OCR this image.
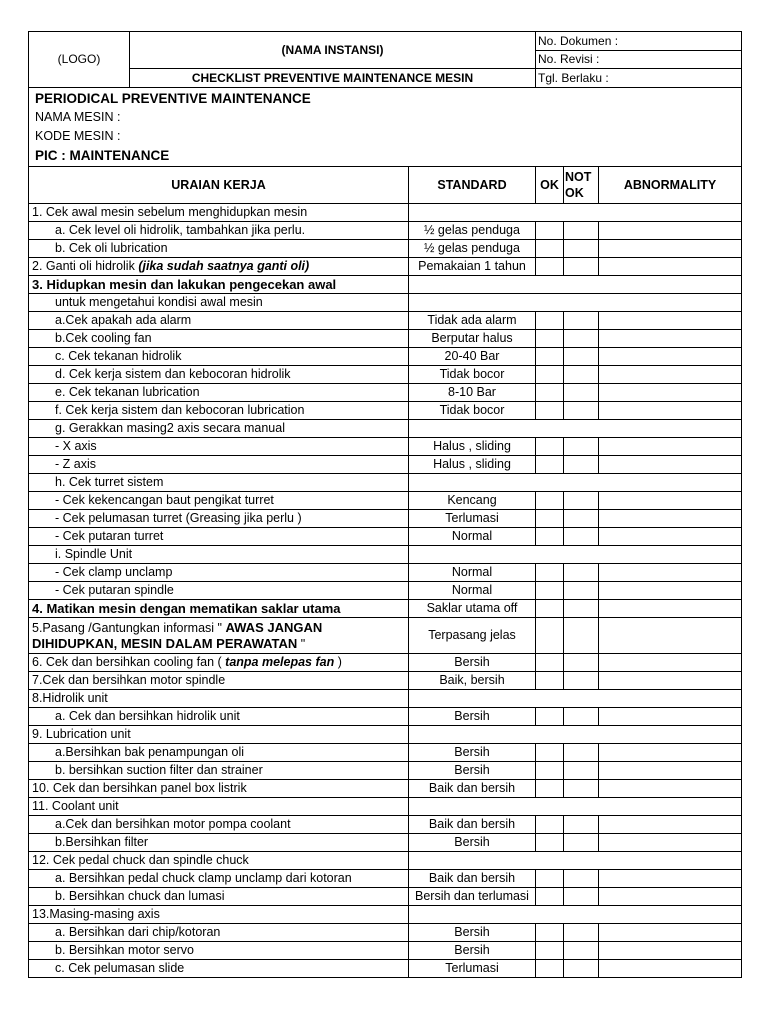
(LOGO)	(NAMA INSTANSI)	No. Dokumen :
		No. Revisi :
	CHECKLIST PREVENTIVE MAINTENANCE MESIN	Tgl. Berlaku :

PERIODICAL PREVENTIVE MAINTENANCE
NAMA MESIN :
KODE MESIN :
PIC : MAINTENANCE		
URAIAN KERJA	STANDARD	OK	NOT OK	ABNORMALITY
1. Cek awal mesin sebelum menghidupkan mesin				
a. Cek level oli hidrolik, tambahkan jika perlu.	½ gelas penduga			
b. Cek oli lubrication	½ gelas penduga			
2. Ganti oli hidrolik (jika sudah saatnya ganti oli)	Pemakaian 1 tahun			
3. Hidupkan mesin dan lakukan pengecekan awal				
untuk mengetahui kondisi awal mesin				
a.Cek apakah ada alarm	Tidak ada alarm			
b.Cek cooling fan	Berputar halus			
c. Cek tekanan hidrolik	20-40 Bar			
d. Cek kerja sistem dan kebocoran hidrolik	Tidak bocor			
e. Cek tekanan lubrication	8-10 Bar			
f. Cek kerja sistem dan kebocoran lubrication	Tidak bocor			
g. Gerakkan masing2 axis secara manual				
- X axis	Halus , sliding			
- Z axis	Halus , sliding			
h. Cek turret sistem				
- Cek kekencangan baut pengikat turret	Kencang			
- Cek pelumasan turret (Greasing jika perlu )	Terlumasi			
- Cek putaran turret	Normal			
i. Spindle Unit				
- Cek clamp unclamp	Normal			
- Cek putaran spindle	Normal			
4. Matikan mesin dengan mematikan saklar utama	Saklar utama off			
5.Pasang /Gantungkan informasi " AWAS JANGAN DIHIDUPKAN, MESIN DALAM PERAWATAN "	Terpasang jelas			
6. Cek dan bersihkan cooling fan ( tanpa melepas fan )	Bersih			
7.Cek dan bersihkan motor spindle	Baik, bersih			
8.Hidrolik unit				
a. Cek dan bersihkan hidrolik unit	Bersih			
9. Lubrication unit				
a.Bersihkan bak penampungan oli	Bersih			
b. bersihkan suction filter dan strainer	Bersih			
10. Cek dan bersihkan panel box listrik	Baik dan bersih			
11. Coolant unit				
a.Cek dan bersihkan motor pompa coolant	Baik dan bersih			
b.Bersihkan filter	Bersih			
12. Cek pedal chuck dan spindle chuck				
a. Bersihkan pedal chuck clamp unclamp dari kotoran	Baik dan bersih			
b. Bersihkan chuck dan lumasi	Bersih dan terlumasi			
13.Masing-masing axis				
a. Bersihkan dari chip/kotoran	Bersih			
b. Bersihkan motor servo	Bersih			
c. Cek pelumasan slide	Terlumasi			
